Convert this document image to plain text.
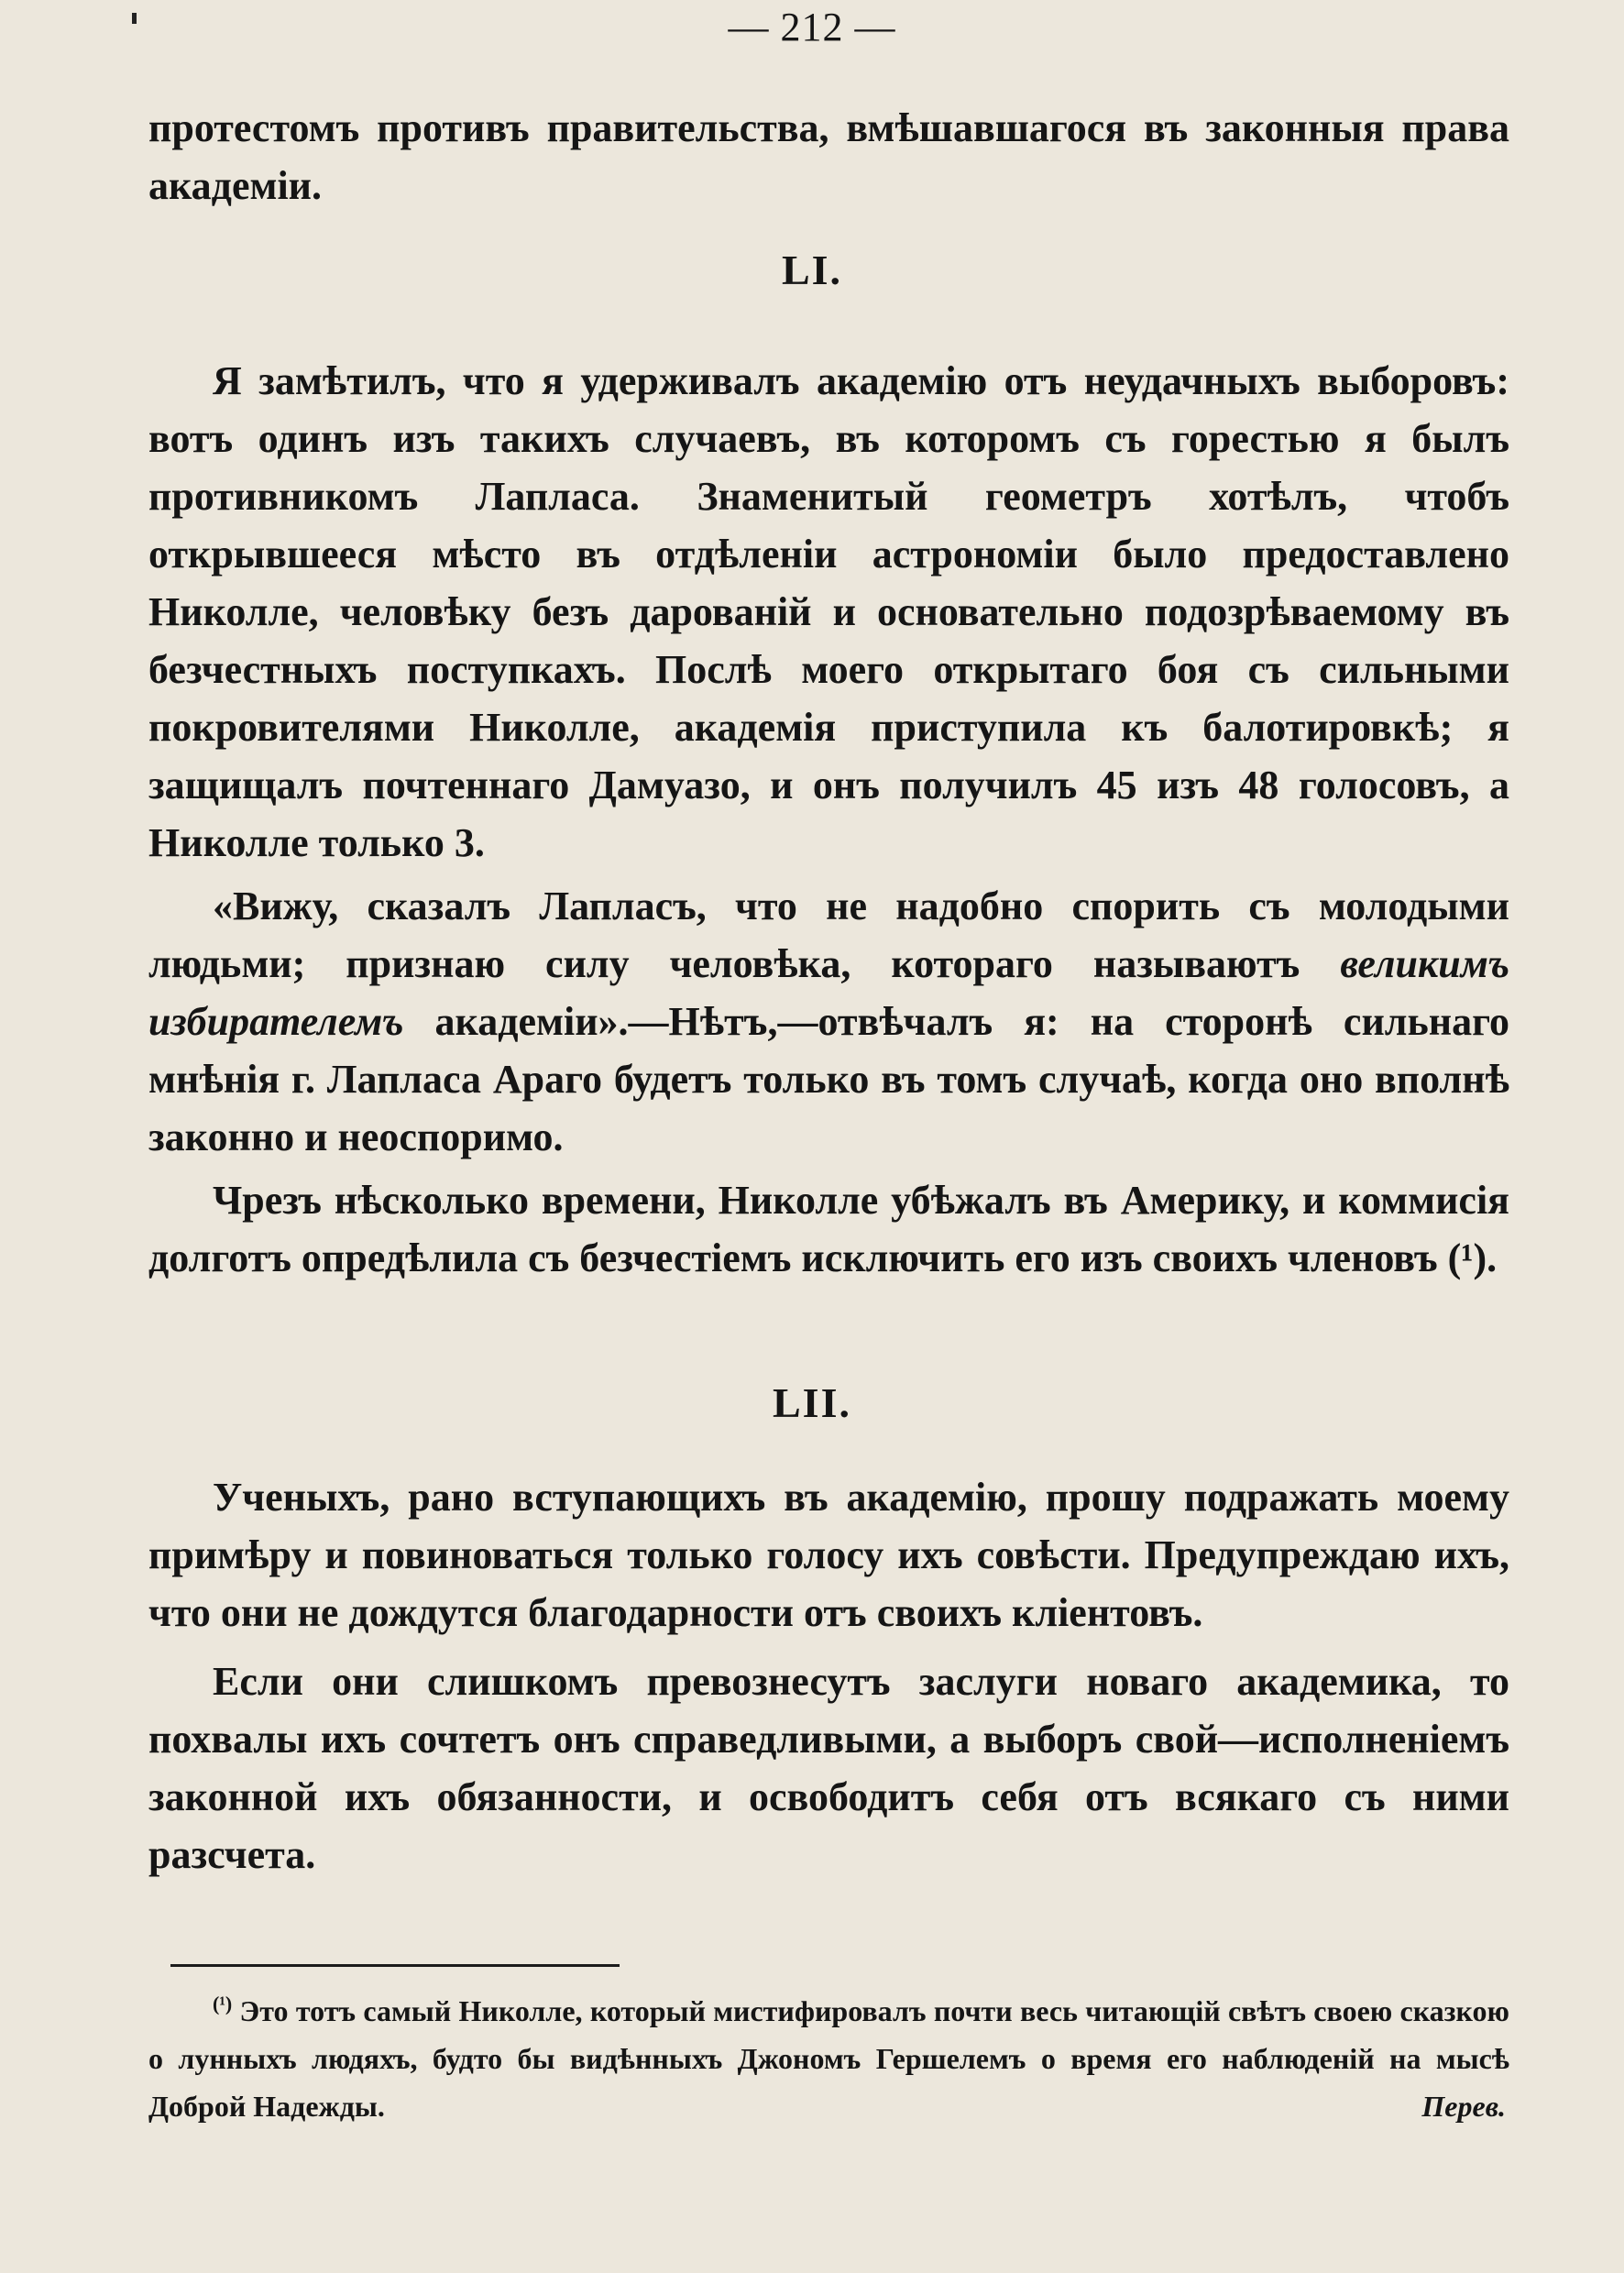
— 212 —

протестомъ противъ правительства, вмѣшавшагося въ законныя права академіи.

LI.

Я замѣтилъ, что я удерживалъ академію отъ неудачныхъ выборовъ: вотъ одинъ изъ такихъ случаевъ, въ которомъ съ горестью я былъ противникомъ Лапласа. Знаменитый геометръ хотѣлъ, чтобъ открывшееся мѣсто въ отдѣленіи астрономіи было предоставлено Николле, человѣку безъ дарованій и основательно подозрѣваемому въ безчестныхъ поступкахъ. Послѣ моего открытаго боя съ сильными покровителями Николле, академія приступила къ балотировкѣ; я защищалъ почтеннаго Дамуазо, и онъ получилъ 45 изъ 48 голосовъ, а Николле только 3.

«Вижу, сказалъ Лапласъ, что не надобно спорить съ молодыми людьми; признаю силу человѣка, котораго называютъ великимъ избирателемъ академіи».—Нѣтъ,—отвѣчалъ я: на сторонѣ сильнаго мнѣнія г. Лапласа Араго будетъ только въ томъ случаѣ, когда оно вполнѣ законно и неоспоримо.

Чрезъ нѣсколько времени, Николле убѣжалъ въ Америку, и коммисія долготъ опредѣлила съ безчестіемъ исключить его изъ своихъ членовъ (¹).

LII.

Ученыхъ, рано вступающихъ въ академію, прошу подражать моему примѣру и повиноваться только голосу ихъ совѣсти. Предупреждаю ихъ, что они не дождутся благодарности отъ своихъ кліентовъ.

Если они слишкомъ превознесутъ заслуги новаго академика, то похвалы ихъ сочтетъ онъ справедливыми, а выборъ свой—исполненіемъ законной ихъ обязанности, и освободитъ себя отъ всякаго съ ними разсчета.

$^{(^1)}$ Это тотъ самый Николле, который мистифировалъ почти весь читающій свѣтъ своею сказкою о лунныхъ людяхъ, будто бы видѣнныхъ Джономъ Гершелемъ о время его наблюденій на мысѣ Доброй Надежды.	Перев.
